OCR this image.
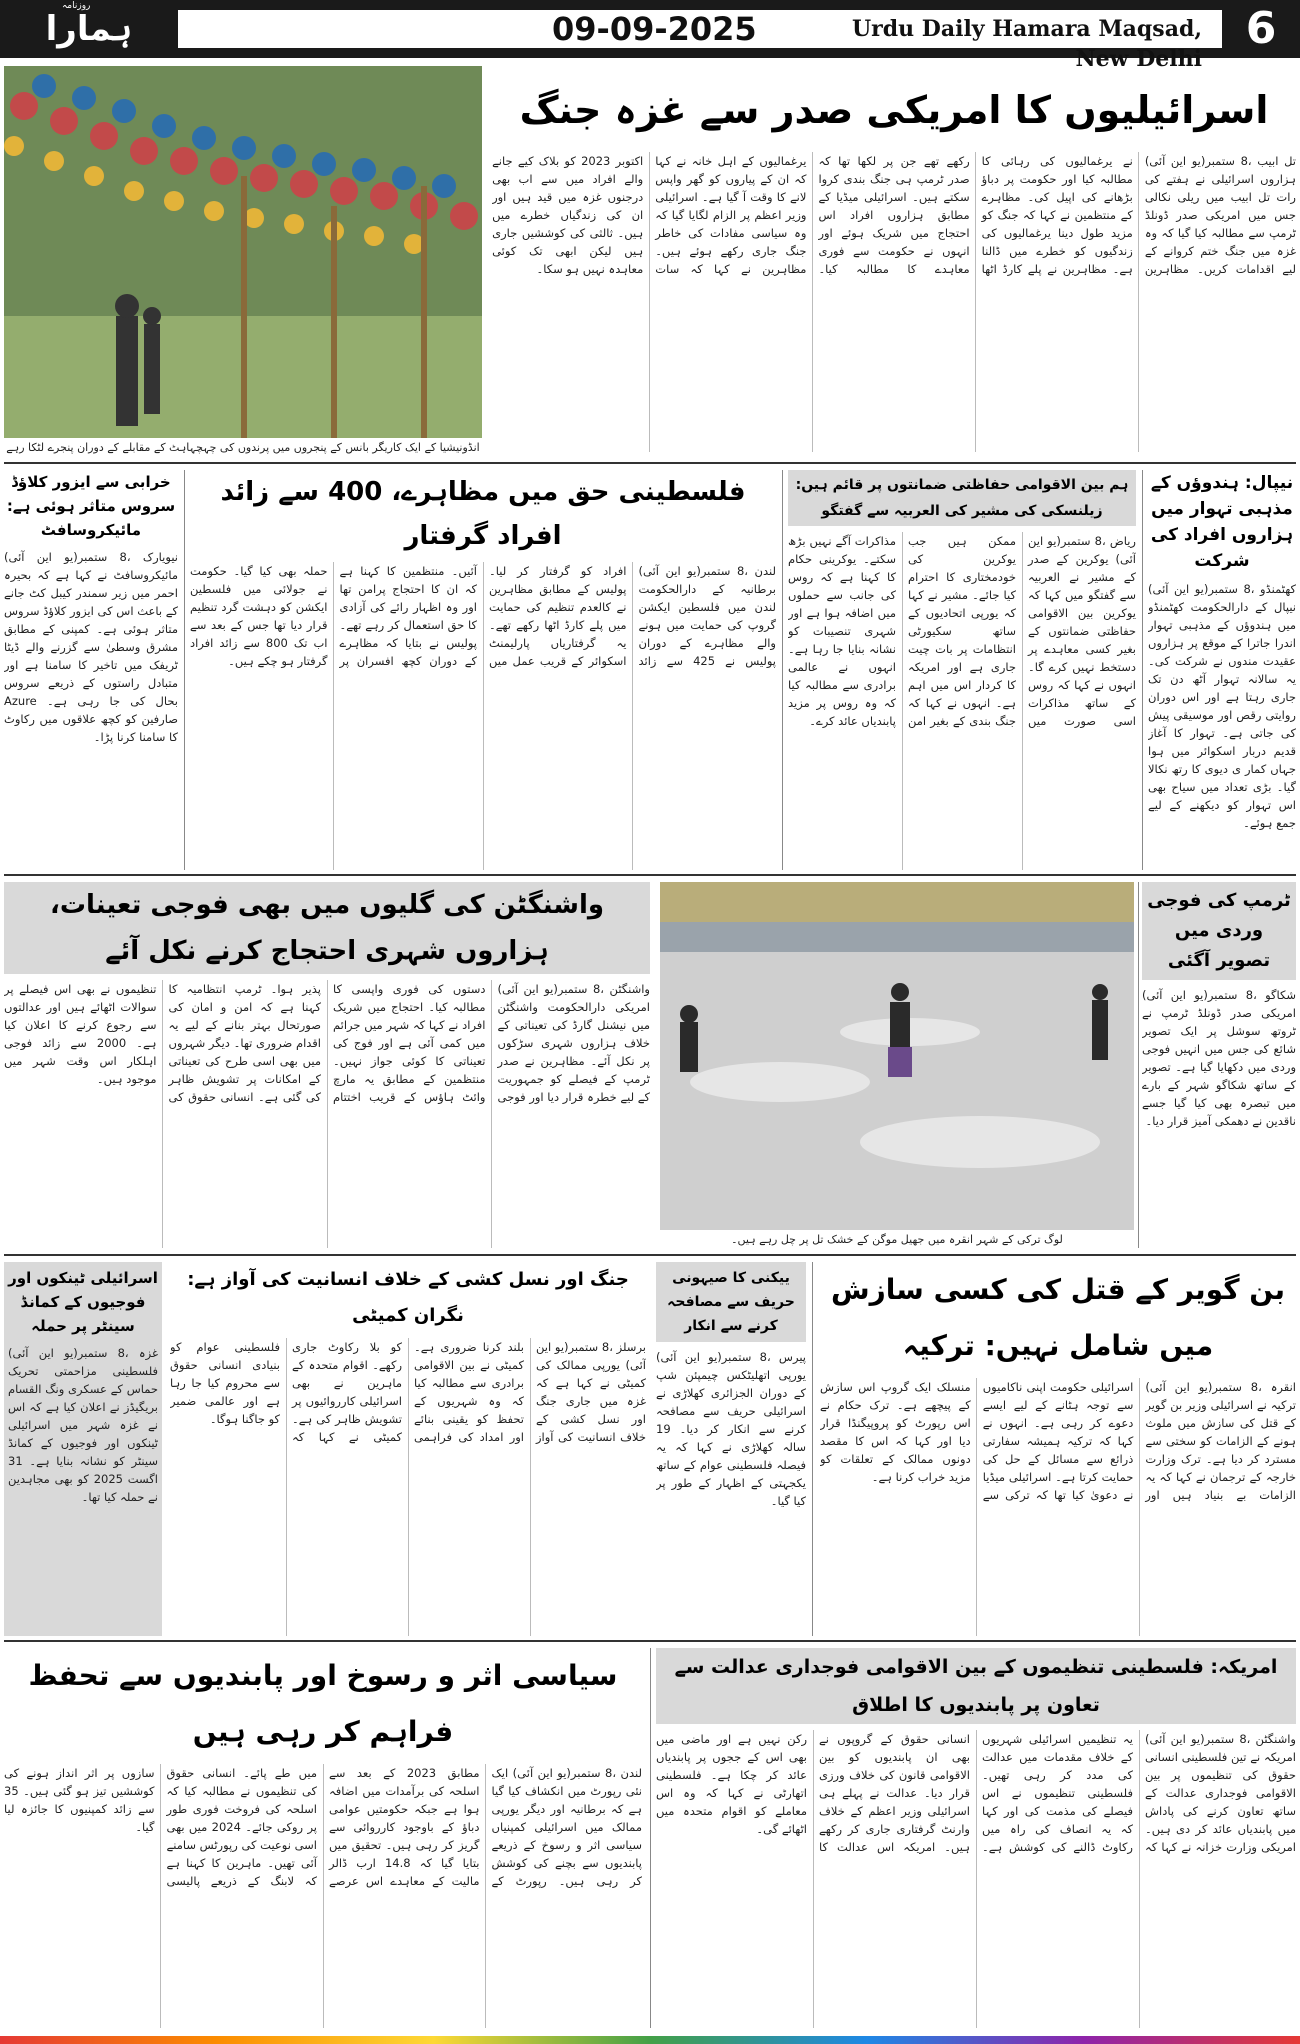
روزنامہ
ہمارا	09-09-2025	Urdu Daily Hamara Maqsad, New Delhi
6
انڈونیشیا کے ایک کاریگر بانس کے پنجروں میں پرندوں کی چہچہاہٹ کے مقابلے کے دوران پنجرے لٹکا رہے
اسرائیلیوں کا امریکی صدر سے غزہ جنگ
تل ابیب ،8 ستمبر(یو این آئی) ہزاروں اسرائیلی نے ہفتے کی رات تل ابیب میں ریلی نکالی جس میں امریکی صدر ڈونلڈ ٹرمپ سے مطالبہ کیا گیا کہ وہ غزہ میں جنگ ختم کروانے کے لیے اقدامات کریں۔ مظاہرین نے یرغمالیوں کی رہائی کا مطالبہ کیا اور حکومت پر دباؤ بڑھانے کی اپیل کی۔ مظاہرے کے منتظمین نے کہا کہ جنگ کو مزید طول دینا یرغمالیوں کی زندگیوں کو خطرے میں ڈالنا ہے۔ مظاہرین نے پلے کارڈ اٹھا رکھے تھے جن پر لکھا تھا کہ صدر ٹرمپ ہی جنگ بندی کروا سکتے ہیں۔ اسرائیلی میڈیا کے مطابق ہزاروں افراد اس احتجاج میں شریک ہوئے اور انہوں نے حکومت سے فوری معاہدے کا مطالبہ کیا۔ یرغمالیوں کے اہل خانہ نے کہا کہ ان کے پیاروں کو گھر واپس لانے کا وقت آ گیا ہے۔ اسرائیلی وزیر اعظم پر الزام لگایا گیا کہ وہ سیاسی مفادات کی خاطر جنگ جاری رکھے ہوئے ہیں۔ مظاہرین نے کہا کہ سات اکتوبر 2023 کو بلاک کیے جانے والے افراد میں سے اب بھی درجنوں غزہ میں قید ہیں اور ان کی زندگیاں خطرے میں ہیں۔ ثالثی کی کوششیں جاری ہیں لیکن ابھی تک کوئی معاہدہ نہیں ہو سکا۔
نیپال: ہندوؤں کے مذہبی تہوار میں ہزاروں افراد کی شرکت
کھٹمنڈو ،8 ستمبر(یو این آئی) نیپال کے دارالحکومت کھٹمنڈو میں ہندوؤں کے مذہبی تہوار اندرا جاترا کے موقع پر ہزاروں عقیدت مندوں نے شرکت کی۔ یہ سالانہ تہوار آٹھ دن تک جاری رہتا ہے اور اس دوران روایتی رقص اور موسیقی پیش کی جاتی ہے۔ تہوار کا آغاز قدیم دربار اسکوائر میں ہوا جہاں کمار ی دیوی کا رتھ نکالا گیا۔ بڑی تعداد میں سیاح بھی اس تہوار کو دیکھنے کے لیے جمع ہوئے۔
ہم بین الاقوامی حفاظتی ضمانتوں پر قائم ہیں: زیلنسکی کی مشیر کی العربیہ سے گفتگو
ریاض ،8 ستمبر(یو این آئی) یوکرین کے صدر کے مشیر نے العربیہ سے گفتگو میں کہا کہ یوکرین بین الاقوامی حفاظتی ضمانتوں کے بغیر کسی معاہدے پر دستخط نہیں کرے گا۔ انہوں نے کہا کہ روس کے ساتھ مذاکرات اسی صورت میں ممکن ہیں جب یوکرین کی خودمختاری کا احترام کیا جائے۔ مشیر نے کہا کہ یورپی اتحادیوں کے ساتھ سکیورٹی انتظامات پر بات چیت جاری ہے اور امریکہ کا کردار اس میں اہم ہے۔ انہوں نے کہا کہ جنگ بندی کے بغیر امن مذاکرات آگے نہیں بڑھ سکتے۔ یوکرینی حکام کا کہنا ہے کہ روس کی جانب سے حملوں میں اضافہ ہوا ہے اور شہری تنصیبات کو نشانہ بنایا جا رہا ہے۔ انہوں نے عالمی برادری سے مطالبہ کیا کہ وہ روس پر مزید پابندیاں عائد کرے۔
فلسطینی حق میں مظاہرے، 400 سے زائد افراد گرفتار
لندن ،8 ستمبر(یو این آئی) برطانیہ کے دارالحکومت لندن میں فلسطین ایکشن گروپ کی حمایت میں ہونے والے مظاہرے کے دوران پولیس نے 425 سے زائد افراد کو گرفتار کر لیا۔ پولیس کے مطابق مظاہرین نے کالعدم تنظیم کی حمایت میں پلے کارڈ اٹھا رکھے تھے۔ یہ گرفتاریاں پارلیمنٹ اسکوائر کے قریب عمل میں آئیں۔ منتظمین کا کہنا ہے کہ ان کا احتجاج پرامن تھا اور وہ اظہار رائے کی آزادی کا حق استعمال کر رہے تھے۔ پولیس نے بتایا کہ مظاہرے کے دوران کچھ افسران پر حملہ بھی کیا گیا۔ حکومت نے جولائی میں فلسطین ایکشن کو دہشت گرد تنظیم قرار دیا تھا جس کے بعد سے اب تک 800 سے زائد افراد گرفتار ہو چکے ہیں۔
خرابی سے ایزور کلاؤڈ سروس متاثر ہوئی ہے: مائیکروسافٹ
نیویارک ،8 ستمبر(یو این آئی) مائیکروسافٹ نے کہا ہے کہ بحیرہ احمر میں زیر سمندر کیبل کٹ جانے کے باعث اس کی ایزور کلاؤڈ سروس متاثر ہوئی ہے۔ کمپنی کے مطابق مشرق وسطیٰ سے گزرنے والے ڈیٹا ٹریفک میں تاخیر کا سامنا ہے اور متبادل راستوں کے ذریعے سروس بحال کی جا رہی ہے۔ Azure صارفین کو کچھ علاقوں میں رکاوٹ کا سامنا کرنا پڑا۔
واشنگٹن کی گلیوں میں بھی فوجی تعینات، ہزاروں شہری احتجاج کرنے نکل آئے
واشنگٹن ،8 ستمبر(یو این آئی) امریکی دارالحکومت واشنگٹن میں نیشنل گارڈ کی تعیناتی کے خلاف ہزاروں شہری سڑکوں پر نکل آئے۔ مظاہرین نے صدر ٹرمپ کے فیصلے کو جمہوریت کے لیے خطرہ قرار دیا اور فوجی دستوں کی فوری واپسی کا مطالبہ کیا۔ احتجاج میں شریک افراد نے کہا کہ شہر میں جرائم میں کمی آئی ہے اور فوج کی تعیناتی کا کوئی جواز نہیں۔ منتظمین کے مطابق یہ مارچ وائٹ ہاؤس کے قریب اختتام پذیر ہوا۔ ٹرمپ انتظامیہ کا کہنا ہے کہ امن و امان کی صورتحال بہتر بنانے کے لیے یہ اقدام ضروری تھا۔ دیگر شہروں میں بھی اسی طرح کی تعیناتی کے امکانات پر تشویش ظاہر کی گئی ہے۔ انسانی حقوق کی تنظیموں نے بھی اس فیصلے پر سوالات اٹھائے ہیں اور عدالتوں سے رجوع کرنے کا اعلان کیا ہے۔ 2000 سے زائد فوجی اہلکار اس وقت شہر میں موجود ہیں۔
لوگ ترکی کے شہر انقرہ میں جھیل موگن کے خشک تل پر چل رہے ہیں۔
ٹرمپ کی فوجی وردی میں تصویر آگئی
شکاگو ،8 ستمبر(یو این آئی) امریکی صدر ڈونلڈ ٹرمپ نے ٹروتھ سوشل پر ایک تصویر شائع کی جس میں انہیں فوجی وردی میں دکھایا گیا ہے۔ تصویر کے ساتھ شکاگو شہر کے بارے میں تبصرہ بھی کیا گیا جسے ناقدین نے دھمکی آمیز قرار دیا۔
اسرائیلی ٹینکوں اور فوجیوں کے کمانڈ سینٹر پر حملہ
غزہ ،8 ستمبر(یو این آئی) فلسطینی مزاحمتی تحریک حماس کے عسکری ونگ القسام بریگیڈز نے اعلان کیا ہے کہ اس نے غزہ شہر میں اسرائیلی ٹینکوں اور فوجیوں کے کمانڈ سینٹر کو نشانہ بنایا ہے۔ 31 اگست 2025 کو بھی مجاہدین نے حملہ کیا تھا۔
جنگ اور نسل کشی کے خلاف انسانیت کی آواز ہے: نگران کمیٹی
برسلز ،8 ستمبر(یو این آئی) یورپی ممالک کی کمیٹی نے کہا ہے کہ غزہ میں جاری جنگ اور نسل کشی کے خلاف انسانیت کی آواز بلند کرنا ضروری ہے۔ کمیٹی نے بین الاقوامی برادری سے مطالبہ کیا کہ وہ شہریوں کے تحفظ کو یقینی بنائے اور امداد کی فراہمی کو بلا رکاوٹ جاری رکھے۔ اقوام متحدہ کے ماہرین نے بھی اسرائیلی کارروائیوں پر تشویش ظاہر کی ہے۔ کمیٹی نے کہا کہ فلسطینی عوام کو بنیادی انسانی حقوق سے محروم کیا جا رہا ہے اور عالمی ضمیر کو جاگنا ہوگا۔
ییکنی کا صیہونی حریف سے مصافحہ کرنے سے انکار
پیرس ،8 ستمبر(یو این آئی) یورپی اتھلیٹکس چیمپئن شپ کے دوران الجزائری کھلاڑی نے اسرائیلی حریف سے مصافحہ کرنے سے انکار کر دیا۔ 19 سالہ کھلاڑی نے کہا کہ یہ فیصلہ فلسطینی عوام کے ساتھ یکجہتی کے اظہار کے طور پر کیا گیا۔
بن گویر کے قتل کی کسی سازش میں شامل نہیں: ترکیہ
انقرہ ،8 ستمبر(یو این آئی) ترکیہ نے اسرائیلی وزیر بن گویر کے قتل کی سازش میں ملوث ہونے کے الزامات کو سختی سے مسترد کر دیا ہے۔ ترک وزارت خارجہ کے ترجمان نے کہا کہ یہ الزامات بے بنیاد ہیں اور اسرائیلی حکومت اپنی ناکامیوں سے توجہ ہٹانے کے لیے ایسے دعوے کر رہی ہے۔ انہوں نے کہا کہ ترکیہ ہمیشہ سفارتی ذرائع سے مسائل کے حل کی حمایت کرتا ہے۔ اسرائیلی میڈیا نے دعویٰ کیا تھا کہ ترکی سے منسلک ایک گروپ اس سازش کے پیچھے ہے۔ ترک حکام نے اس رپورٹ کو پروپیگنڈا قرار دیا اور کہا کہ اس کا مقصد دونوں ممالک کے تعلقات کو مزید خراب کرنا ہے۔
امریکہ: فلسطینی تنظیموں کے بین الاقوامی فوجداری عدالت سے تعاون پر پابندیوں کا اطلاق
واشنگٹن ،8 ستمبر(یو این آئی) امریکہ نے تین فلسطینی انسانی حقوق کی تنظیموں پر بین الاقوامی فوجداری عدالت کے ساتھ تعاون کرنے کی پاداش میں پابندیاں عائد کر دی ہیں۔ امریکی وزارت خزانہ نے کہا کہ یہ تنظیمیں اسرائیلی شہریوں کے خلاف مقدمات میں عدالت کی مدد کر رہی تھیں۔ فلسطینی تنظیموں نے اس فیصلے کی مذمت کی اور کہا کہ یہ انصاف کی راہ میں رکاوٹ ڈالنے کی کوشش ہے۔ انسانی حقوق کے گروپوں نے بھی ان پابندیوں کو بین الاقوامی قانون کی خلاف ورزی قرار دیا۔ عدالت نے پہلے ہی اسرائیلی وزیر اعظم کے خلاف وارنٹ گرفتاری جاری کر رکھے ہیں۔ امریکہ اس عدالت کا رکن نہیں ہے اور ماضی میں بھی اس کے ججوں پر پابندیاں عائد کر چکا ہے۔ فلسطینی اتھارٹی نے کہا کہ وہ اس معاملے کو اقوام متحدہ میں اٹھائے گی۔
سیاسی اثر و رسوخ اور پابندیوں سے تحفظ فراہم کر رہی ہیں
لندن ،8 ستمبر(یو این آئی) ایک نئی رپورٹ میں انکشاف کیا گیا ہے کہ برطانیہ اور دیگر یورپی ممالک میں اسرائیلی کمپنیاں سیاسی اثر و رسوخ کے ذریعے پابندیوں سے بچنے کی کوشش کر رہی ہیں۔ رپورٹ کے مطابق 2023 کے بعد سے اسلحہ کی برآمدات میں اضافہ ہوا ہے جبکہ حکومتیں عوامی دباؤ کے باوجود کارروائی سے گریز کر رہی ہیں۔ تحقیق میں بتایا گیا کہ 14.8 ارب ڈالر مالیت کے معاہدے اس عرصے میں طے پائے۔ انسانی حقوق کی تنظیموں نے مطالبہ کیا کہ اسلحہ کی فروخت فوری طور پر روکی جائے۔ 2024 میں بھی اسی نوعیت کی رپورٹس سامنے آئی تھیں۔ ماہرین کا کہنا ہے کہ لابنگ کے ذریعے پالیسی سازوں پر اثر انداز ہونے کی کوششیں تیز ہو گئی ہیں۔ 35 سے زائد کمپنیوں کا جائزہ لیا گیا۔
